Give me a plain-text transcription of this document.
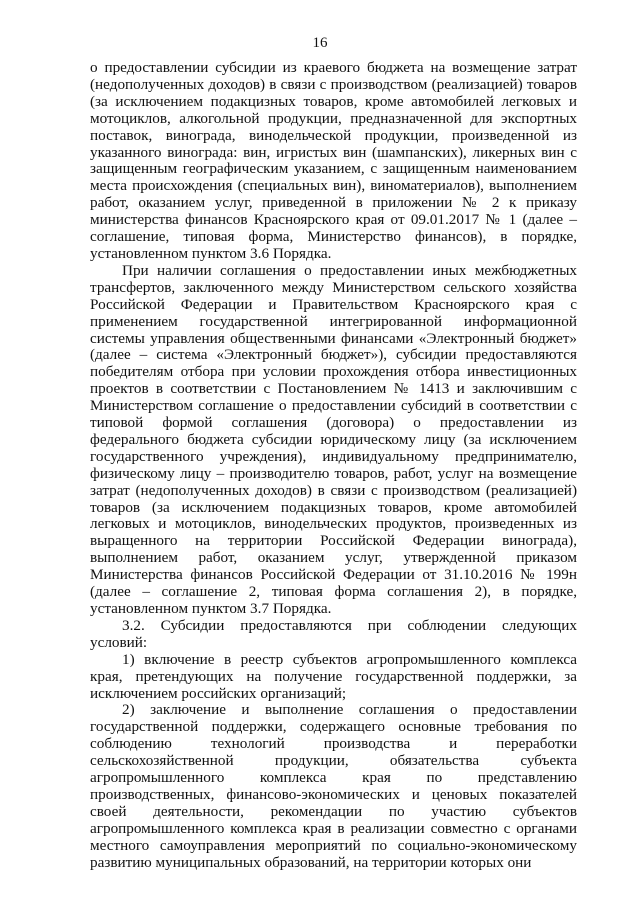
16

о предоставлении субсидии из краевого бюджета на возмещение затрат (недополученных доходов) в связи с производством (реализацией) товаров (за исключением подакцизных товаров, кроме автомобилей легковых и мотоциклов, алкогольной продукции, предназначенной для экспортных поставок, винограда, винодельческой продукции, произведенной из указанного винограда: вин, игристых вин (шампанских), ликерных вин с защищенным географическим указанием, с защищенным наименованием места происхождения (специальных вин), виноматериалов), выполнением работ, оказанием услуг, приведенной в приложении № 2 к приказу министерства финансов Красноярского края от 09.01.2017 № 1 (далее – соглашение, типовая форма, Министерство финансов), в порядке, установленном пунктом 3.6 Порядка.

При наличии соглашения о предоставлении иных межбюджетных трансфертов, заключенного между Министерством сельского хозяйства Российской Федерации и Правительством Красноярского края с применением государственной интегрированной информационной системы управления общественными финансами «Электронный бюджет» (далее – система «Электронный бюджет»), субсидии предоставляются победителям отбора при условии прохождения отбора инвестиционных проектов в соответствии с Постановлением № 1413 и заключившим с Министерством соглашение о предоставлении субсидий в соответствии с типовой формой соглашения (договора) о предоставлении из федерального бюджета субсидии юридическому лицу (за исключением государственного учреждения), индивидуальному предпринимателю, физическому лицу – производителю товаров, работ, услуг на возмещение затрат (недополученных доходов) в связи с производством (реализацией) товаров (за исключением подакцизных товаров, кроме автомобилей легковых и мотоциклов, винодельческих продуктов, произведенных из выращенного на территории Российской Федерации винограда), выполнением работ, оказанием услуг, утвержденной приказом Министерства финансов Российской Федерации от 31.10.2016 № 199н (далее – соглашение 2, типовая форма соглашения 2), в порядке, установленном пунктом 3.7 Порядка.

3.2. Субсидии предоставляются при соблюдении следующих условий:

1) включение в реестр субъектов агропромышленного комплекса края, претендующих на получение государственной поддержки, за исключением российских организаций;

2) заключение и выполнение соглашения о предоставлении государственной поддержки, содержащего основные требования по соблюдению технологий производства и переработки сельскохозяйственной продукции, обязательства субъекта агропромышленного комплекса края по представлению производственных, финансово-экономических и ценовых показателей своей деятельности, рекомендации по участию субъектов агропромышленного комплекса края в реализации совместно с органами местного самоуправления мероприятий по социально-экономическому развитию муниципальных образований, на территории которых они
